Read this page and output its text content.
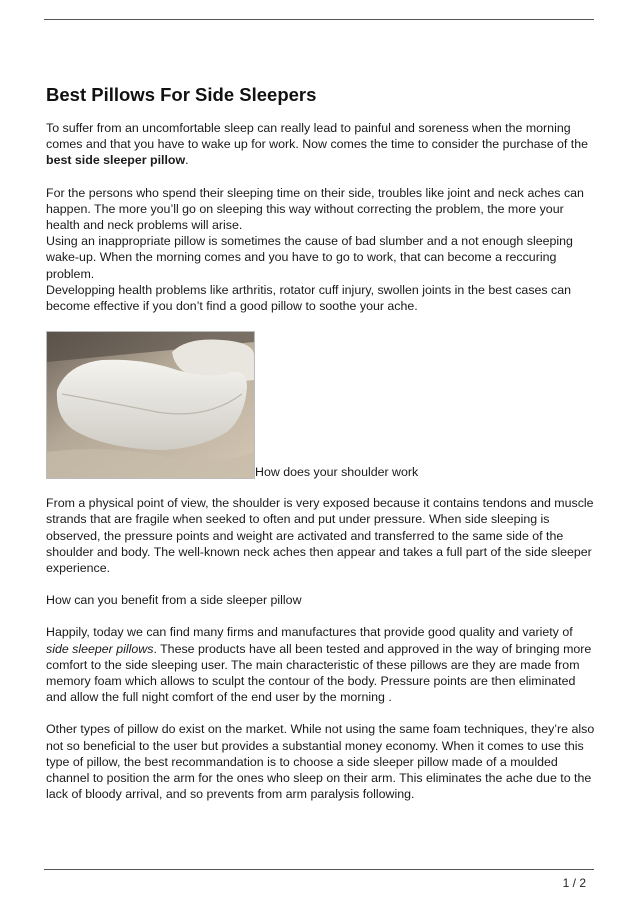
Best Pillows For Side Sleepers

To suffer from an uncomfortable sleep can really lead to painful and soreness when the morning comes and that you have to wake up for work. Now comes the time to consider the purchase of the best side sleeper pillow.

For the persons who spend their sleeping time on their side, troubles like joint and neck aches can happen. The more you’ll go on sleeping this way without correcting the problem, the more your health and neck problems will arise.

Using an inappropriate pillow is sometimes the cause of bad slumber and a not enough sleeping wake-up. When the morning comes and you have to go to work, that can become a reccuring problem.

Developping health problems like arthritis, rotator cuff injury, swollen joints in the best cases can become effective if you don’t find a good pillow to soothe your ache.

How does your shoulder work

From a physical point of view, the shoulder is very exposed because it contains tendons and muscle strands that are fragile when seeked to often and put under pressure. When side sleeping is observed, the pressure points and weight are activated and transferred to the same side of the shoulder and body. The well-known neck aches then appear and takes a full part of the side sleeper experience.

How can you benefit from a side sleeper pillow

Happily, today we can find many firms and manufactures that provide good quality and variety of side sleeper pillows. These products have all been tested and approved in the way of bringing more comfort to the side sleeping user. The main characteristic of these pillows are they are made from memory foam which allows to sculpt the contour of the body. Pressure points are then eliminated and allow the full night comfort of the end user by the morning .

Other types of pillow do exist on the market. While not using the same foam techniques, they’re also not so beneficial to the user but provides a substantial money economy. When it comes to use this type of pillow, the best recommandation is to choose a side sleeper pillow made of a moulded channel to position the arm for the ones who sleep on their arm. This eliminates the ache due to the lack of bloody arrival, and so prevents from arm paralysis following.

1 / 2
